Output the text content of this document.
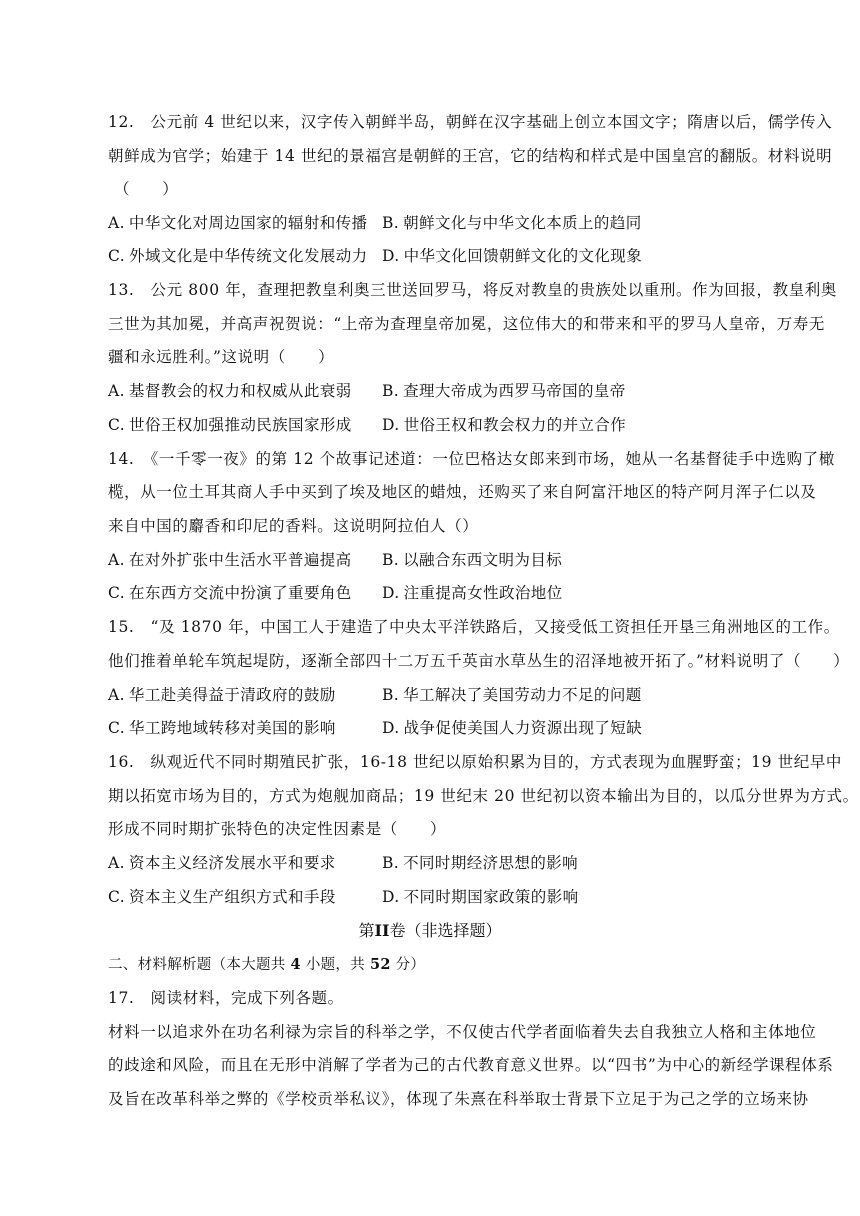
12.　公元前 4 世纪以来，汉字传入朝鲜半岛，朝鲜在汉字基础上创立本国文字；隋唐以后，儒学传入
朝鲜成为官学；始建于 14 世纪的景福宫是朝鲜的王宫，它的结构和样式是中国皇宫的翻版。材料说明
（　　）
A. 中华文化对周边国家的辐射和传播 B. 朝鲜文化与中华文化本质上的趋同
C. 外域文化是中华传统文化发展动力 D. 中华文化回馈朝鲜文化的文化现象
13.　公元 800 年，查理把教皇利奥三世送回罗马，将反对教皇的贵族处以重刑。作为回报，教皇利奥
三世为其加冕，并高声祝贺说：“上帝为查理皇帝加冕，这位伟大的和带来和平的罗马人皇帝，万寿无
疆和永远胜利。”这说明（　　）
A. 基督教会的权力和权威从此衰弱 B. 查理大帝成为西罗马帝国的皇帝
C. 世俗王权加强推动民族国家形成 D. 世俗王权和教会权力的并立合作
14.　《一千零一夜》的第 12 个故事记述道：一位巴格达女郎来到市场，她从一名基督徒手中选购了橄
榄，从一位土耳其商人手中买到了埃及地区的蜡烛，还购买了来自阿富汗地区的特产阿月浑子仁以及
来自中国的麝香和印尼的香料。这说明阿拉伯人（）
A. 在对外扩张中生活水平普遍提高 B. 以融合东西文明为目标
C. 在东西方交流中扮演了重要角色 D. 注重提高女性政治地位
15.　“及 1870 年，中国工人于建造了中央太平洋铁路后，又接受低工资担任开垦三角洲地区的工作。
他们推着单轮车筑起堤防，逐渐全部四十二万五千英亩水草丛生的沼泽地被开拓了。”材料说明了（　　）
A. 华工赴美得益于清政府的鼓励	B. 华工解决了美国劳动力不足的问题
C. 华工跨地域转移对美国的影响	D. 战争促使美国人力资源出现了短缺
16.　纵观近代不同时期殖民扩张，16-18 世纪以原始积累为目的，方式表现为血腥野蛮；19 世纪早中
期以拓宽市场为目的，方式为炮舰加商品；19 世纪末 20 世纪初以资本输出为目的，以瓜分世界为方式。
形成不同时期扩张特色的决定性因素是（　　）
A. 资本主义经济发展水平和要求	B. 不同时期经济思想的影响
C. 资本主义生产组织方式和手段	D. 不同时期国家政策的影响
第II卷（非选择题）
二、材料解析题（本大题共 4 小题，共 52 分）
17.　阅读材料，完成下列各题。
材料一以追求外在功名利禄为宗旨的科举之学，不仅使古代学者面临着失去自我独立人格和主体地位
的歧途和风险，而且在无形中消解了学者为己的古代教育意义世界。以“四书”为中心的新经学课程体系
及旨在改革科举之弊的《学校贡举私议》，体现了朱熹在科举取士背景下立足于为己之学的立场来协
